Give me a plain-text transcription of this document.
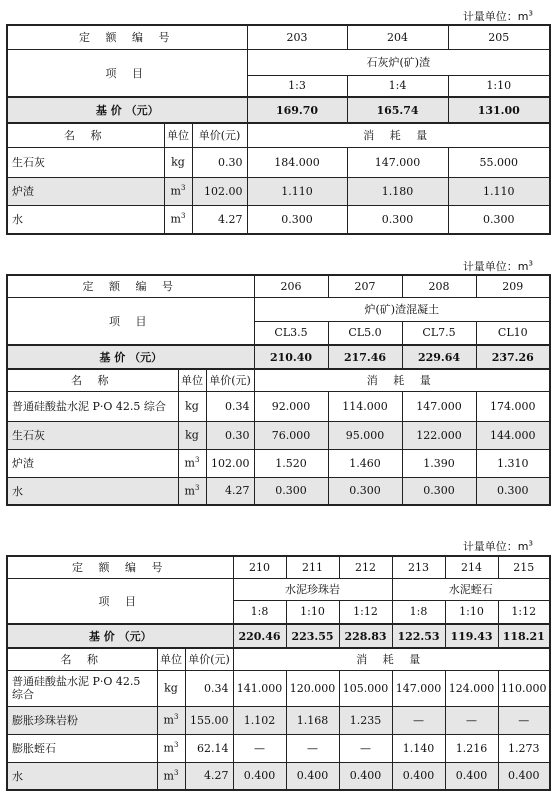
计量单位：$m^3$
定 额 编 号			203	204	205
项 目			石灰炉(矿)渣		
			1:3	1:4	1:10
基 价 （元）			169.70	165.74	131.00
名 称	单位	单价(元)	消 耗 量		
生石灰	kg	0.30	184.000	147.000	55.000
炉渣	$m^3$	102.00	1.110	1.180	1.110
水	$m^3$	4.27	0.300	0.300	0.300
计量单位：$m^3$
定 额 编 号			206	207	208	209
项 目			炉(矿)渣混凝土			
			CL3.5	CL5.0	CL7.5	CL10
基 价 （元）			210.40	217.46	229.64	237.26
名 称	单位	单价(元)	消 耗 量			
普通硅酸盐水泥 P·O 42.5 综合	kg	0.34	92.000	114.000	147.000	174.000
生石灰	kg	0.30	76.000	95.000	122.000	144.000
炉渣	$m^3$	102.00	1.520	1.460	1.390	1.310
水	$m^3$	4.27	0.300	0.300	0.300	0.300
计量单位：$m^3$
定 额 编 号			210	211	212	213	214	215
项 目			水泥珍珠岩			水泥蛭石		
			1:8	1:10	1:12	1:8	1:10	1:12
基 价 （元）			220.46	223.55	228.83	122.53	119.43	118.21
名 称	单位	单价(元)	消 耗 量					
普通硅酸盐水泥 P·O 42.5
综合	kg	0.34	141.000	120.000	105.000	147.000	124.000	110.000
膨胀珍珠岩粉	$m^3$	155.00	1.102	1.168	1.235	—	—	—
膨胀蛭石	$m^3$	62.14	—	—	—	1.140	1.216	1.273
水	$m^3$	4.27	0.400	0.400	0.400	0.400	0.400	0.400
